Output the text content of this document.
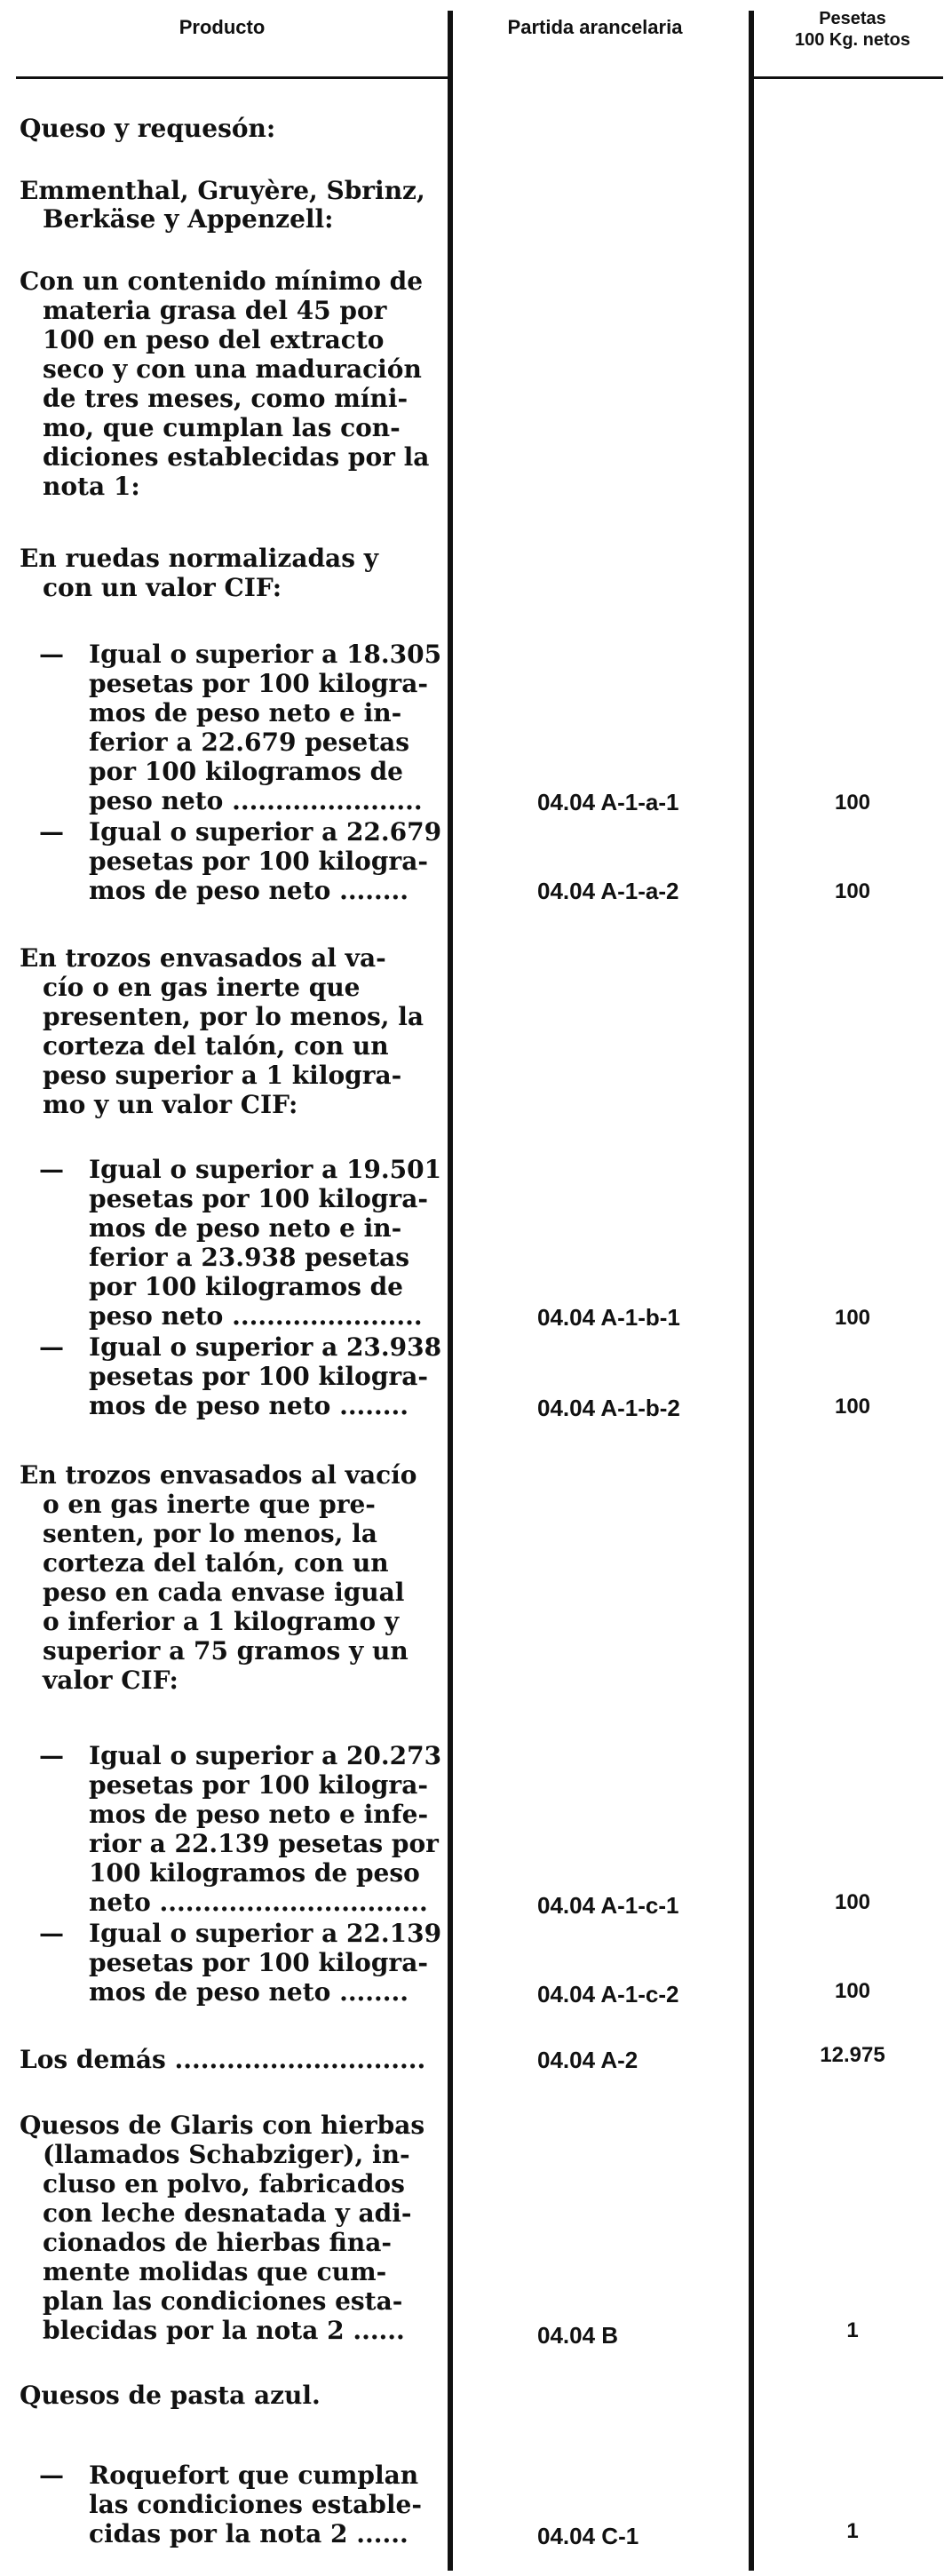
Producto	Partida arancelaria	Pesetas
100 Kg. netos
Queso y requesón:
Emmenthal, Gruyère, Sbrinz,
Berkäse y Appenzell:
Con un contenido mínimo de
materia grasa del 45 por
100 en peso del extracto
seco y con una maduración
de tres meses, como míni-
mo, que cumplan las con-
diciones establecidas por la
nota 1:
En ruedas normalizadas y
con un valor CIF:
— Igual o superior a 18.305
pesetas por 100 kilogra-
mos de peso neto e in-
ferior a 22.679 pesetas
por 100 kilogramos de
peso neto ......................	04.04 A-1-a-1	100
— Igual o superior a 22.679
pesetas por 100 kilogra-
mos de peso neto ........	04.04 A-1-a-2	100
En trozos envasados al va-
cío o en gas inerte que
presenten, por lo menos, la
corteza del talón, con un
peso superior a 1 kilogra-
mo y un valor CIF:
— Igual o superior a 19.501
pesetas por 100 kilogra-
mos de peso neto e in-
ferior a 23.938 pesetas
por 100 kilogramos de
peso neto ......................	04.04 A-1-b-1	100
— Igual o superior a 23.938
pesetas por 100 kilogra-
mos de peso neto ........	04.04 A-1-b-2	100
En trozos envasados al vacío
o en gas inerte que pre-
senten, por lo menos, la
corteza del talón, con un
peso en cada envase igual
o inferior a 1 kilogramo y
superior a 75 gramos y un
valor CIF:
— Igual o superior a 20.273
pesetas por 100 kilogra-
mos de peso neto e infe-
rior a 22.139 pesetas por
100 kilogramos de peso
neto ...............................	04.04 A-1-c-1	100
— Igual o superior a 22.139
pesetas por 100 kilogra-
mos de peso neto ........	04.04 A-1-c-2	100
Los demás .............................	04.04 A-2	12.975
Quesos de Glaris con hierbas
(llamados Schabziger), in-
cluso en polvo, fabricados
con leche desnatada y adi-
cionados de hierbas fina-
mente molidas que cum-
plan las condiciones esta-
blecidas por la nota 2 ......	04.04 B	1
Quesos de pasta azul.
— Roquefort que cumplan
las condiciones estable-
cidas por la nota 2 ......	04.04 C-1	1
